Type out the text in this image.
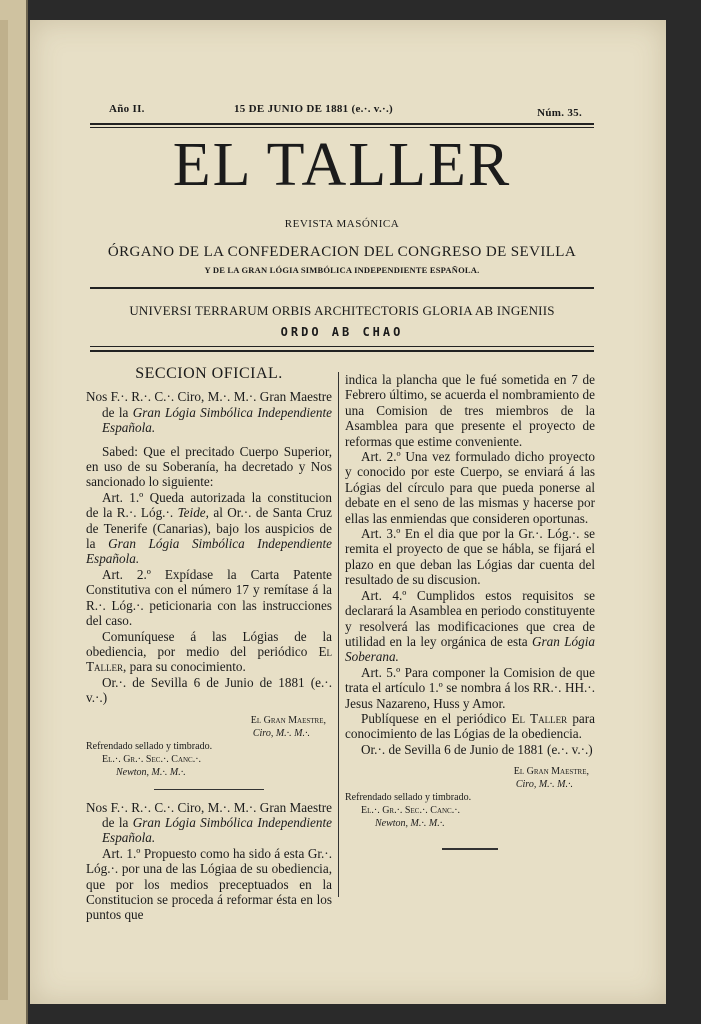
Año II.	15 DE JUNIO DE 1881 (e.·. v.·.)	Núm. 35.
EL TALLER
REVISTA MASÓNICA
ÓRGANO DE LA CONFEDERACION DEL CONGRESO DE SEVILLA
Y DE LA GRAN LÓGIA SIMBÓLICA INDEPENDIENTE ESPAÑOLA.
UNIVERSI TERRARUM ORBIS ARCHITECTORIS GLORIA AB INGENIIS
ORDO AB CHAO
SECCION OFICIAL.

Nos F.·. R.·. C.·. Ciro, M.·. M.·. Gran Maestre de la Gran Lógia Simbólica Independiente Española.

Sabed: Que el precitado Cuerpo Superior, en uso de su Soberanía, ha decretado y Nos sancionado lo siguiente:

Art. 1.º Queda autorizada la constitucion de la R.·. Lóg.·. Teide, al Or.·. de Santa Cruz de Tenerife (Canarias), bajo los auspicios de la Gran Lógia Simbólica Independiente Española.

Art. 2.º Expídase la Carta Patente Constitutiva con el número 17 y remítase á la R.·. Lóg.·. peticionaria con las instrucciones del caso.

Comuníquese á las Lógias de la obediencia, por medio del periódico El Taller, para su conocimiento.

Or.·. de Sevilla 6 de Junio de 1881 (e.·. v.·.)

El Gran Maestre,

Ciro, M.·. M.·.

Refrendado sellado y timbrado.

El.·. Gr.·. Sec.·. Canc.·.

Newton, M.·. M.·.

Nos F.·. R.·. C.·. Ciro, M.·. M.·. Gran Maestre de la Gran Lógia Simbólica Independiente Española.

Art. 1.º Propuesto como ha sido á esta Gr.·. Lóg.·. por una de las Lógiaa de su obediencia, que por los medios preceptuados en la Constitucion se proceda á reformar ésta en los puntos que

indica la plancha que le fué sometida en 7 de Febrero último, se acuerda el nombramiento de una Comision de tres miembros de la Asamblea para que presente el proyecto de reformas que estime conveniente.

Art. 2.º Una vez formulado dicho proyecto y conocido por este Cuerpo, se enviará á las Lógias del círculo para que pueda ponerse al debate en el seno de las mismas y hacerse por ellas las enmiendas que consideren oportunas.

Art. 3.º En el dia que por la Gr.·. Lóg.·. se remita el proyecto de que se hábla, se fijará el plazo en que deban las Lógias dar cuenta del resultado de su discusion.

Art. 4.º Cumplidos estos requisitos se declarará la Asamblea en periodo constituyente y resolverá las modificaciones que crea de utilidad en la ley orgánica de esta Gran Lógia Soberana.

Art. 5.º Para componer la Comision de que trata el artículo 1.º se nombra á los RR.·. HH.·. Jesus Nazareno, Huss y Amor.

Publíquese en el periódico El Taller para conocimiento de las Lógias de la obediencia.

Or.·. de Sevilla 6 de Junio de 1881 (e.·. v.·.)

El Gran Maestre,

Ciro, M.·. M.·.

Refrendado sellado y timbrado.

El.·. Gr.·. Sec.·. Canc.·.

Newton, M.·. M.·.
